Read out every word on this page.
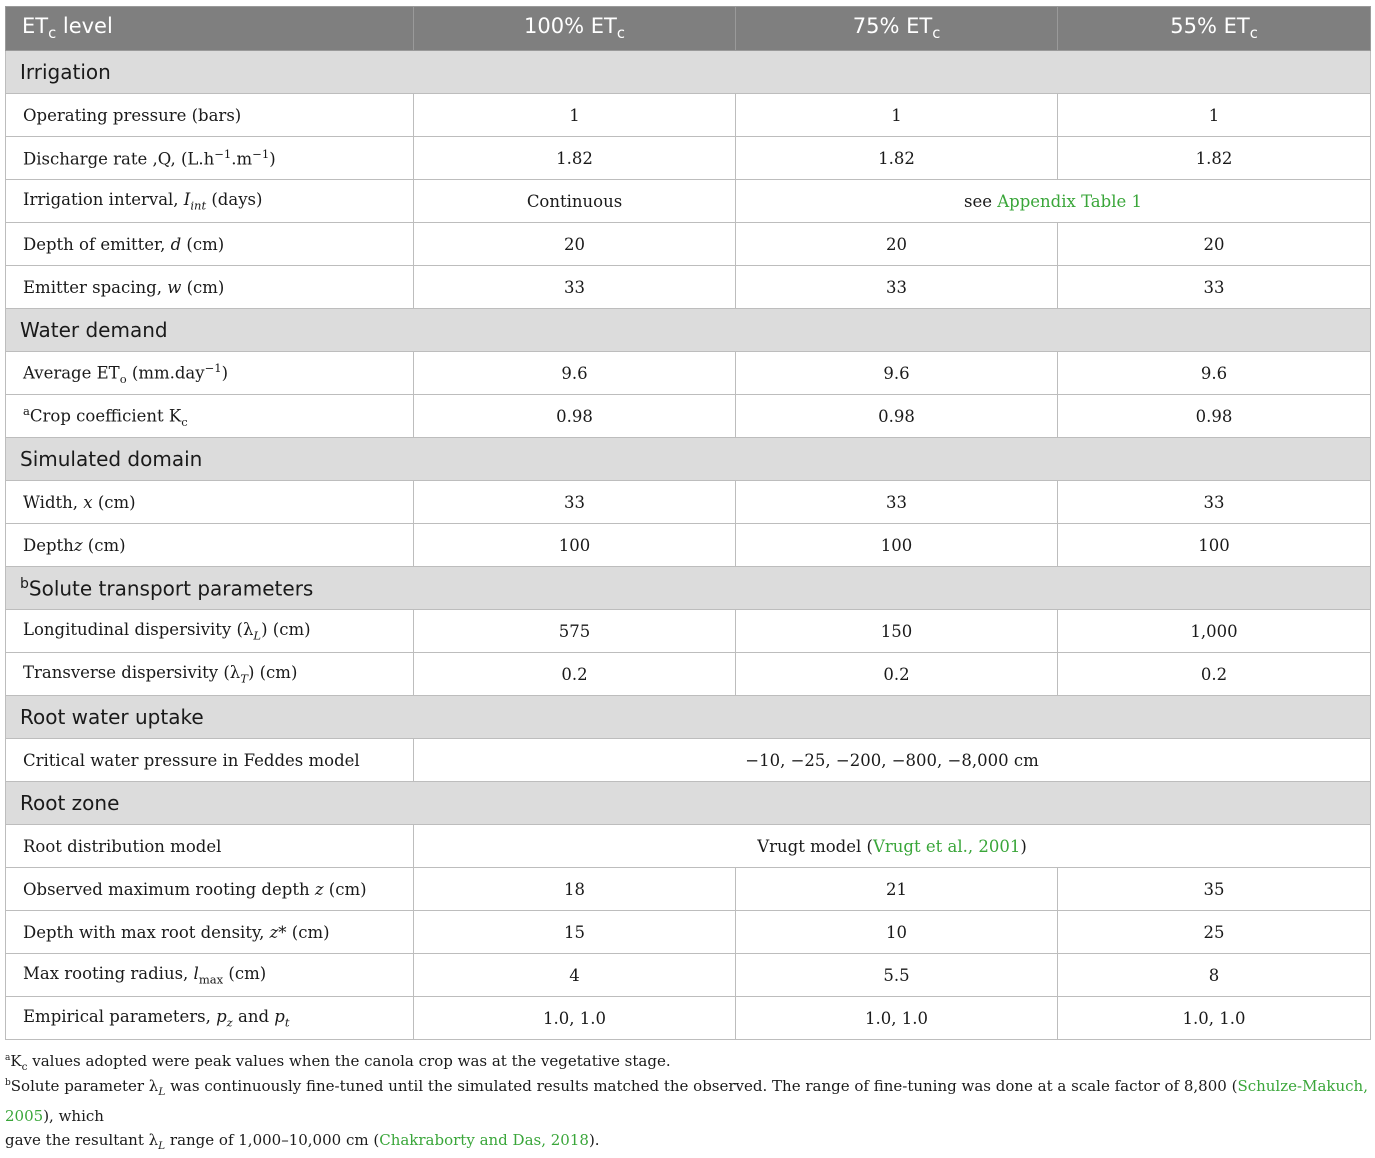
$ET_c$ level	100% $ET_c$	75% $ET_c$	55% $ET_c$
Irrigation			
Operating pressure (bars)	1	1	1
Discharge rate ,Q, $(L.h^{-1}.m^{-1})$	1.82	1.82	1.82
Irrigation interval, $I_{int}$ (days)	Continuous	see Appendix Table 1	
Depth of emitter, d (cm)	20	20	20
Emitter spacing, w (cm)	33	33	33
Water demand			
Average $ET_o$ (mm.day$^{-1}$)	9.6	9.6	9.6
$^a$Crop coefficient $K_c$	0.98	0.98	0.98
Simulated domain			
Width, x (cm)	33	33	33
Depthz (cm)	100	100	100
$^b$Solute transport parameters			
Longitudinal dispersivity $(\lambda_L)$ (cm)	575	150	1,000
Transverse dispersivity $(\lambda_T)$ (cm)	0.2	0.2	0.2
Root water uptake			
Critical water pressure in Feddes model	−10, −25, −200, −800, −8,000 cm		
Root zone			
Root distribution model	Vrugt model (Vrugt et al., 2001)		
Observed maximum rooting depth z (cm)	18	21	35
Depth with max root density, z* (cm)	15	10	25
Max rooting radius, $l_{max}$ (cm)	4	5.5	8
Empirical parameters, $p_z$ and $p_t$	1.0, 1.0	1.0, 1.0	1.0, 1.0
$^aK_c$ values adopted were peak values when the canola crop was at the vegetative stage.
$^b$Solute parameter $\lambda_L$ was continuously fine-tuned until the simulated results matched the observed. The range of fine-tuning was done at a scale factor of 8,800 (Schulze-Makuch, 2005), which
gave the resultant $\lambda_L$ range of 1,000–10,000 cm (Chakraborty and Das, 2018).
